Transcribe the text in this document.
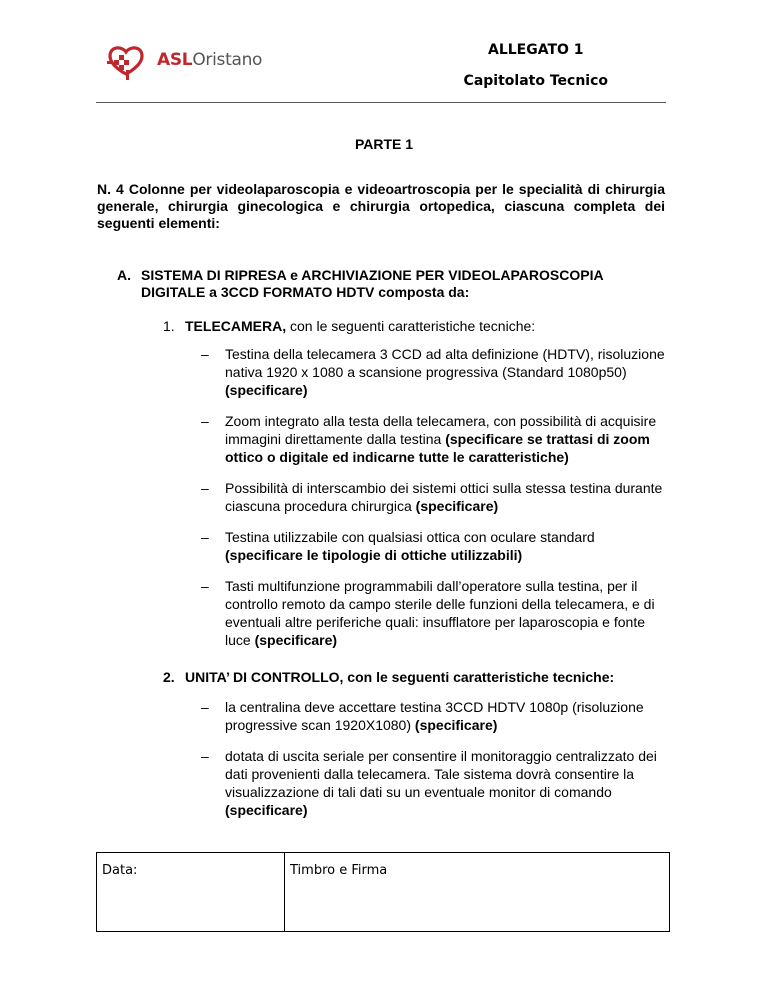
ASLOristano	ALLEGATO 1
Capitolato Tecnico
PARTE 1
N. 4 Colonne per videolaparoscopia e videoartroscopia per le specialità di chirurgia generale, chirurgia ginecologica e chirurgia ortopedica, ciascuna completa dei seguenti elementi:
A. SISTEMA DI RIPRESA e ARCHIVIAZIONE PER VIDEOLAPAROSCOPIA
DIGITALE a 3CCD FORMATO HDTV composta da:
1. TELECAMERA, con le seguenti caratteristiche tecniche:
– Testina della telecamera 3 CCD ad alta definizione (HDTV), risoluzione nativa 1920 x 1080 a scansione progressiva (Standard 1080p50) (specificare)
– Zoom integrato alla testa della telecamera, con possibilità di acquisire immagini direttamente dalla testina (specificare se trattasi di zoom ottico o digitale ed indicarne tutte le caratteristiche)
– Possibilità di interscambio dei sistemi ottici sulla stessa testina durante ciascuna procedura chirurgica (specificare)
– Testina utilizzabile con qualsiasi ottica con oculare standard (specificare le tipologie di ottiche utilizzabili)
– Tasti multifunzione programmabili dall’operatore sulla testina, per il controllo remoto da campo sterile delle funzioni della telecamera, e di eventuali altre periferiche quali: insufflatore per laparoscopia e fonte luce (specificare)
2. UNITA’ DI CONTROLLO, con le seguenti caratteristiche tecniche:
– la centralina deve accettare testina 3CCD HDTV 1080p (risoluzione progressive scan 1920X1080) (specificare)
– dotata di uscita seriale per consentire il monitoraggio centralizzato dei dati provenienti dalla telecamera. Tale sistema dovrà consentire la visualizzazione di tali dati su un eventuale monitor di comando (specificare)
Data:	Timbro e Firma
